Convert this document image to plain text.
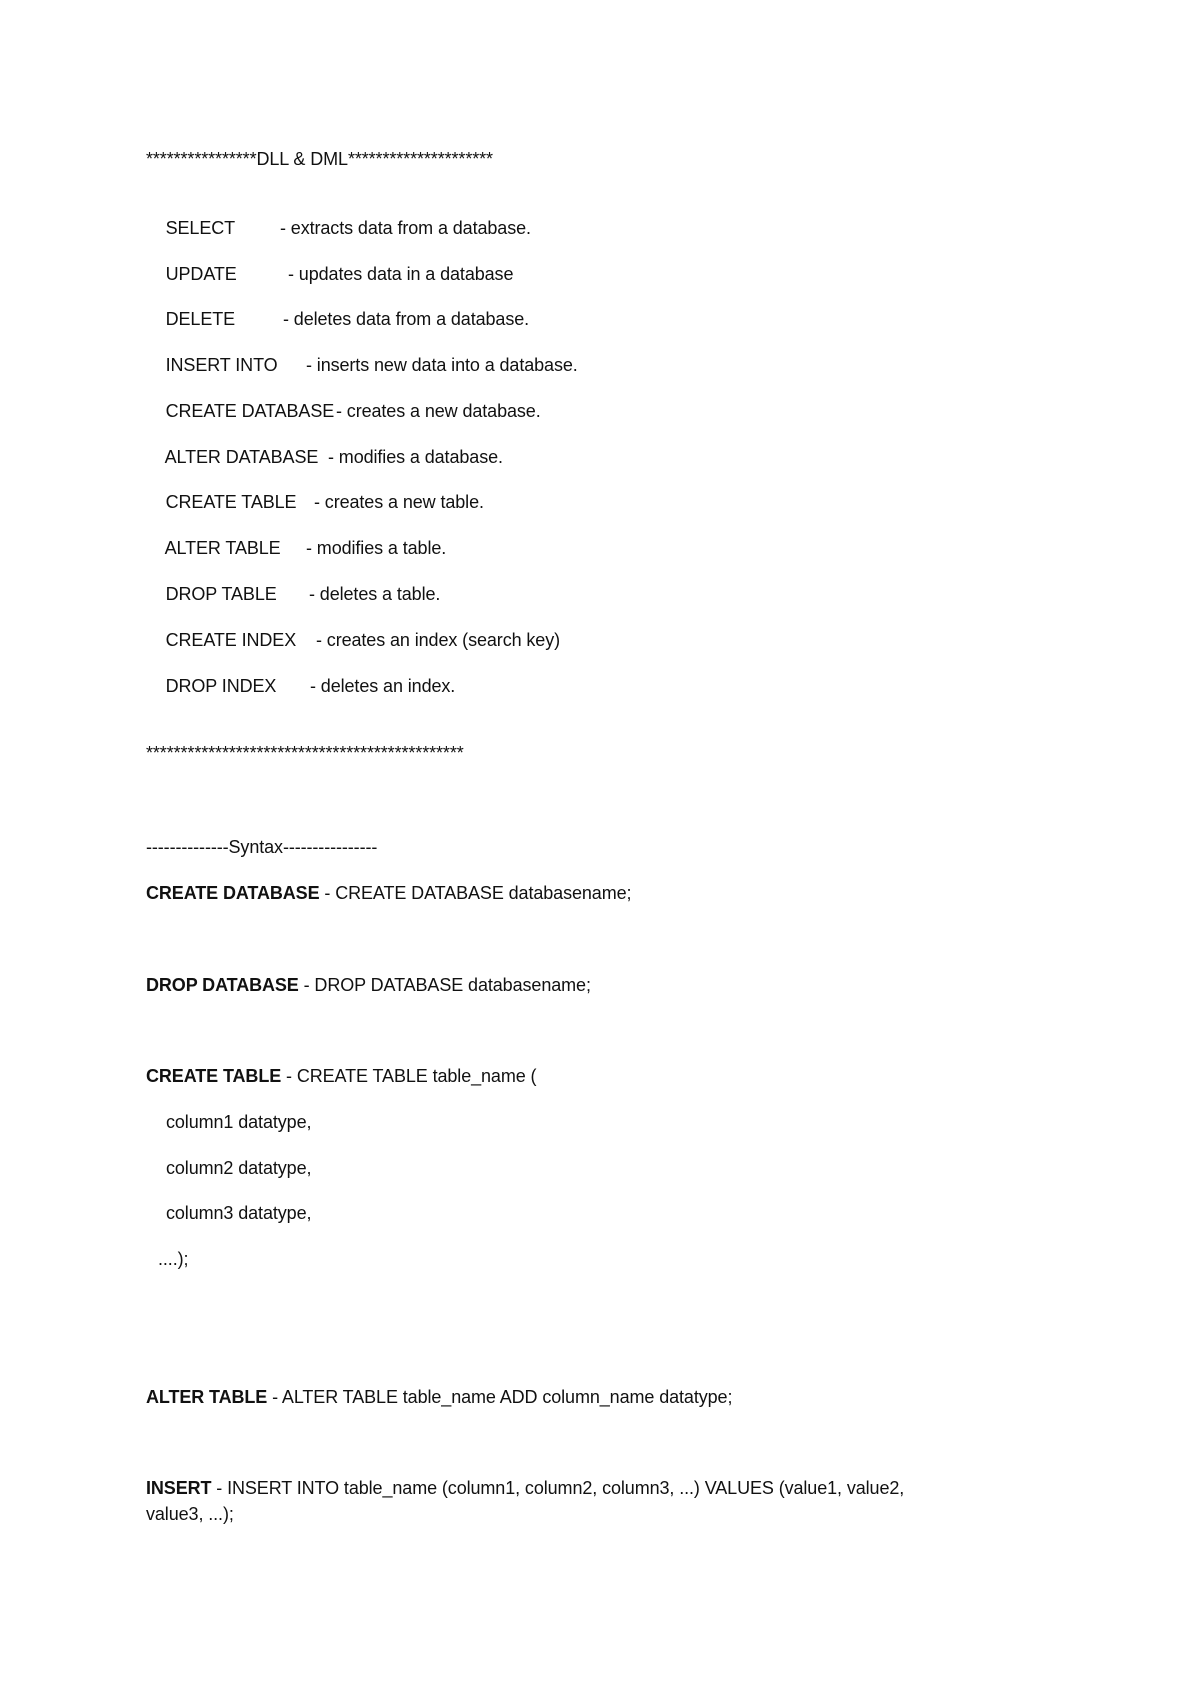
****************DLL & DML*********************

SELECT - extracts data from a database.

UPDATE	- updates data in a database

DELETE	- deletes data from a database.

INSERT INTO - inserts new data into a database.

CREATE DATABASE - creates a new database.

ALTER DATABASE - modifies a database.

CREATE TABLE - creates a new table.

ALTER TABLE - modifies a table.

DROP TABLE - deletes a table.

CREATE INDEX - creates an index (search key)

DROP INDEX - deletes an index.

**********************************************
--------------Syntax----------------
CREATE DATABASE - CREATE DATABASE databasename;
DROP DATABASE - DROP DATABASE databasename;
CREATE TABLE - CREATE TABLE table_name (
column1 datatype,
column2 datatype,
column3 datatype,
....);
ALTER TABLE - ALTER TABLE table_name ADD column_name datatype;
INSERT - INSERT INTO table_name (column1, column2, column3, ...) VALUES (value1, value2,
value3, ...);
